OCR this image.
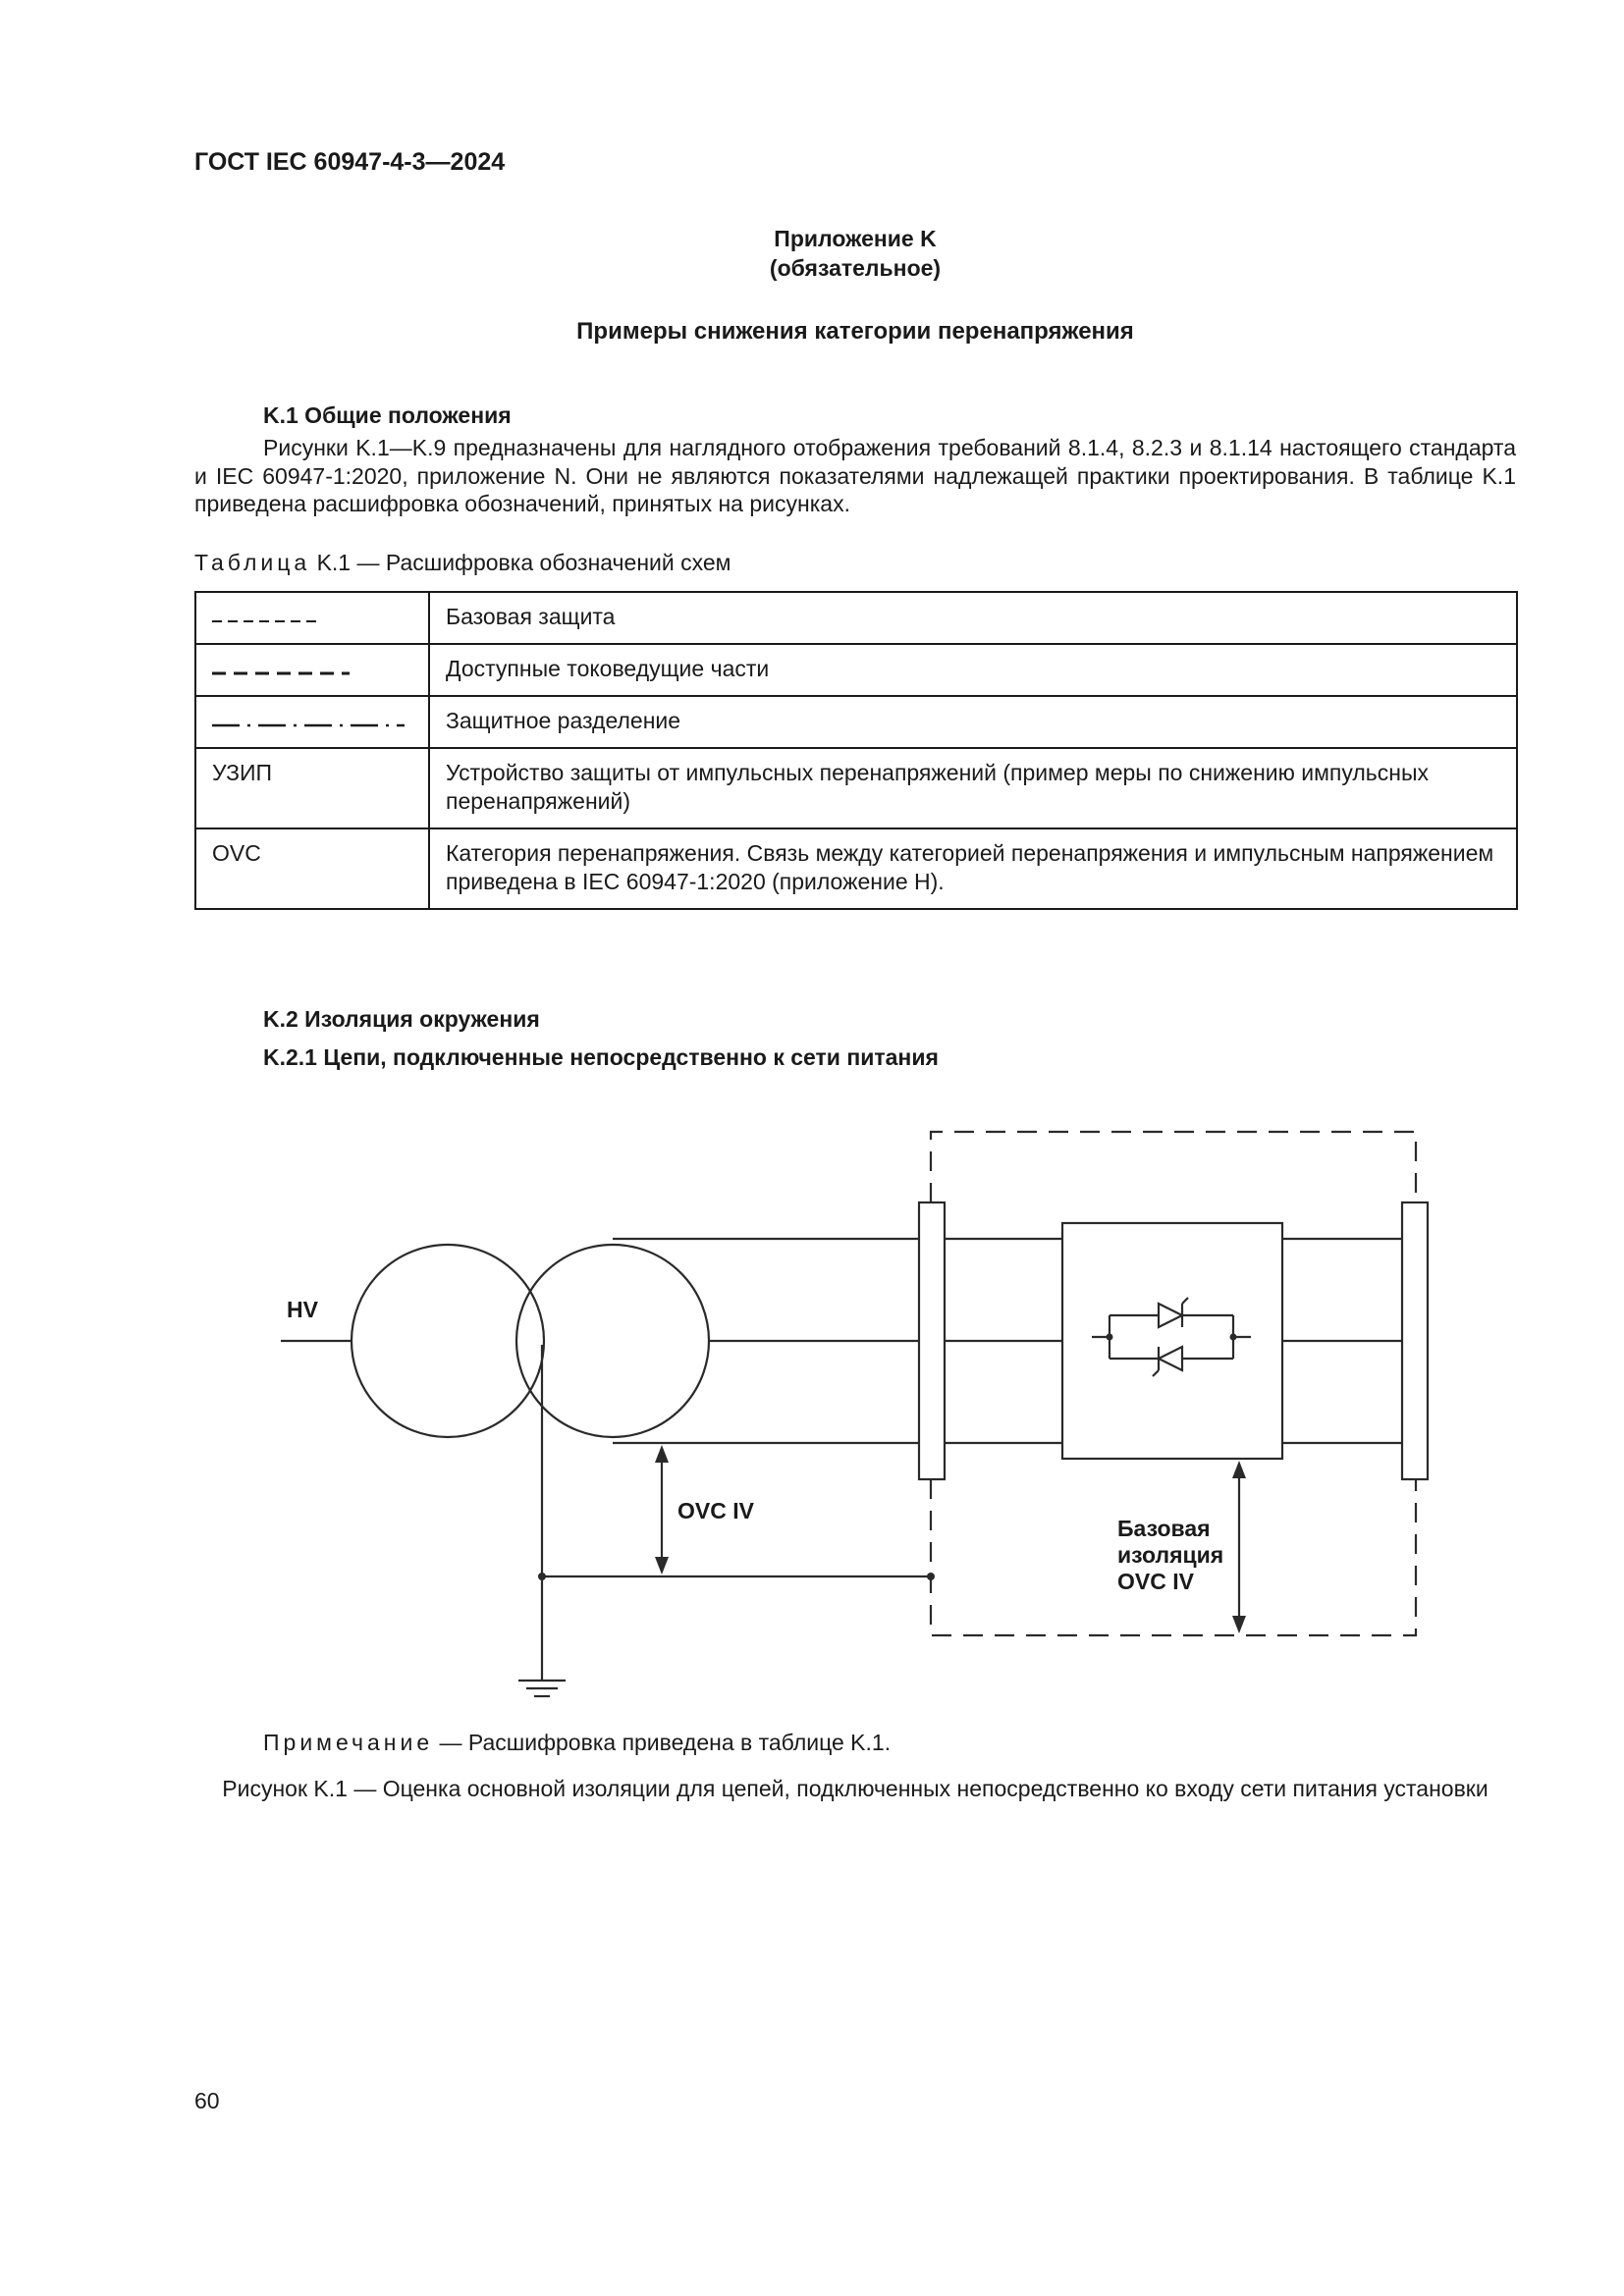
ГОСТ IEC 60947-4-3—2024
Приложение K
(обязательное)
Примеры снижения категории перенапряжения
K.1 Общие положения
Рисунки K.1—K.9 предназначены для наглядного отображения требований 8.1.4, 8.2.3 и 8.1.14 настоящего стандарта и IEC 60947-1:2020, приложение N. Они не являются показателями надлежащей практики проектирования. В таблице K.1 приведена расшифровка обозначений, принятых на рисунках.
Таблица K.1 — Расшифровка обозначений схем
	Базовая защита

	Доступные токоведущие части

	Защитное разделение
УЗИП	Устройство защиты от импульсных перенапряжений (пример меры по снижению импульсных перенапряжений)
OVC	Категория перенапряжения. Связь между категорией перенапряжения и импульсным напряжением приведена в IEC 60947-1:2020 (приложение H).
K.2 Изоляция окружения
K.2.1 Цепи, подключенные непосредственно к сети питания
HV
OVC IV
Базовая
изоляция
OVC IV
Примечание — Расшифровка приведена в таблице K.1.
Рисунок K.1 — Оценка основной изоляции для цепей, подключенных непосредственно ко входу сети питания установки
60
